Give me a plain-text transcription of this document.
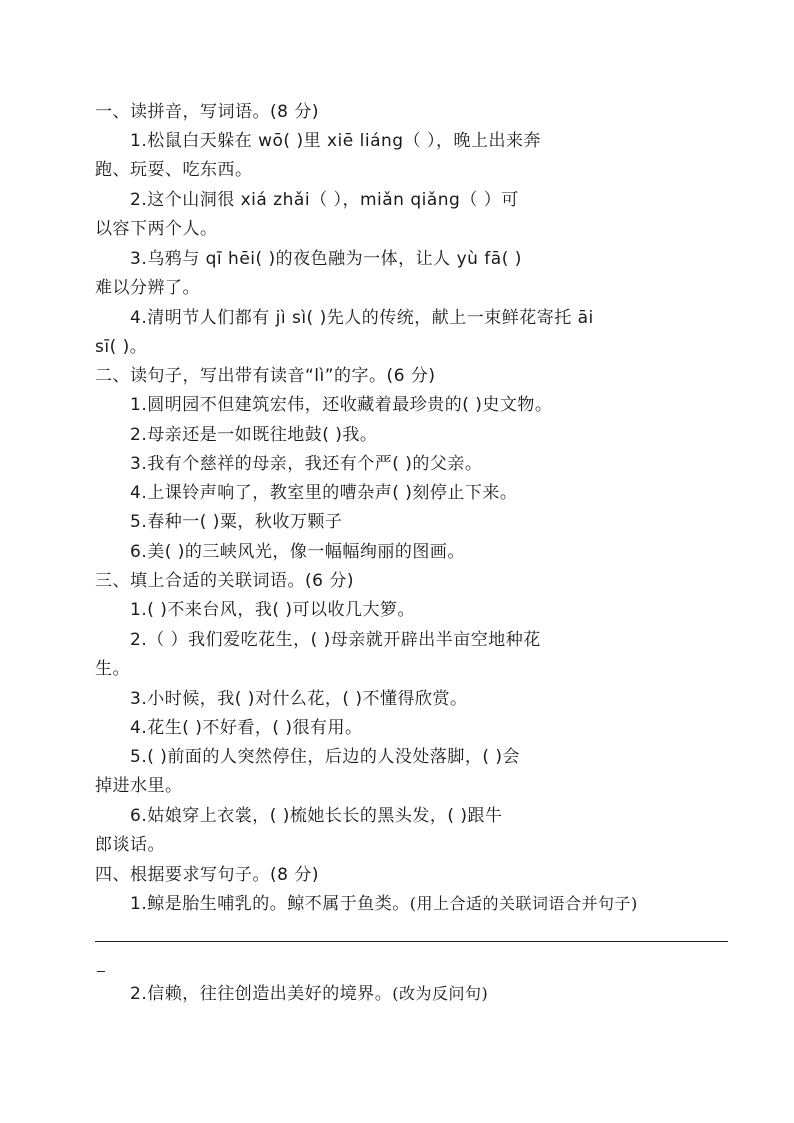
一、读拼音，写词语。(8 分)
1.松鼠白天躲在 wō( )里 xiē liáng（ ），晚上出来奔
跑、玩耍、吃东西。
2.这个山洞很 xiá zhǎi（ ），miǎn qiǎng（ ）可
以容下两个人。
3.乌鸦与 qī hēi( )的夜色融为一体，让人 yù fā( )
难以分辨了。
4.清明节人们都有 jì sì( )先人的传统，献上一束鲜花寄托 āi
sī( )。
二、读句子，写出带有读音“lì”的字。(6 分)
1.圆明园不但建筑宏伟，还收藏着最珍贵的( )史文物。
2.母亲还是一如既往地鼓( )我。
3.我有个慈祥的母亲，我还有个严( )的父亲。
4.上课铃声响了，教室里的嘈杂声( )刻停止下来。
5.春种一( )粟，秋收万颗子
6.美( )的三峡风光，像一幅幅绚丽的图画。
三、填上合适的关联词语。(6 分)
1.( )不来台风，我( )可以收几大箩。
2.（ ）我们爱吃花生，( )母亲就开辟出半亩空地种花
生。
3.小时候，我( )对什么花，( )不懂得欣赏。
4.花生( )不好看，( )很有用。
5.( )前面的人突然停住，后边的人没处落脚，( )会
掉进水里。
6.姑娘穿上衣裳，( )梳她长长的黑头发，( )跟牛
郎谈话。
四、根据要求写句子。(8 分)
1.鲸是胎生哺乳的。鲸不属于鱼类。(用上合适的关联词语合并句子)
2.信赖，往往创造出美好的境界。(改为反问句)
